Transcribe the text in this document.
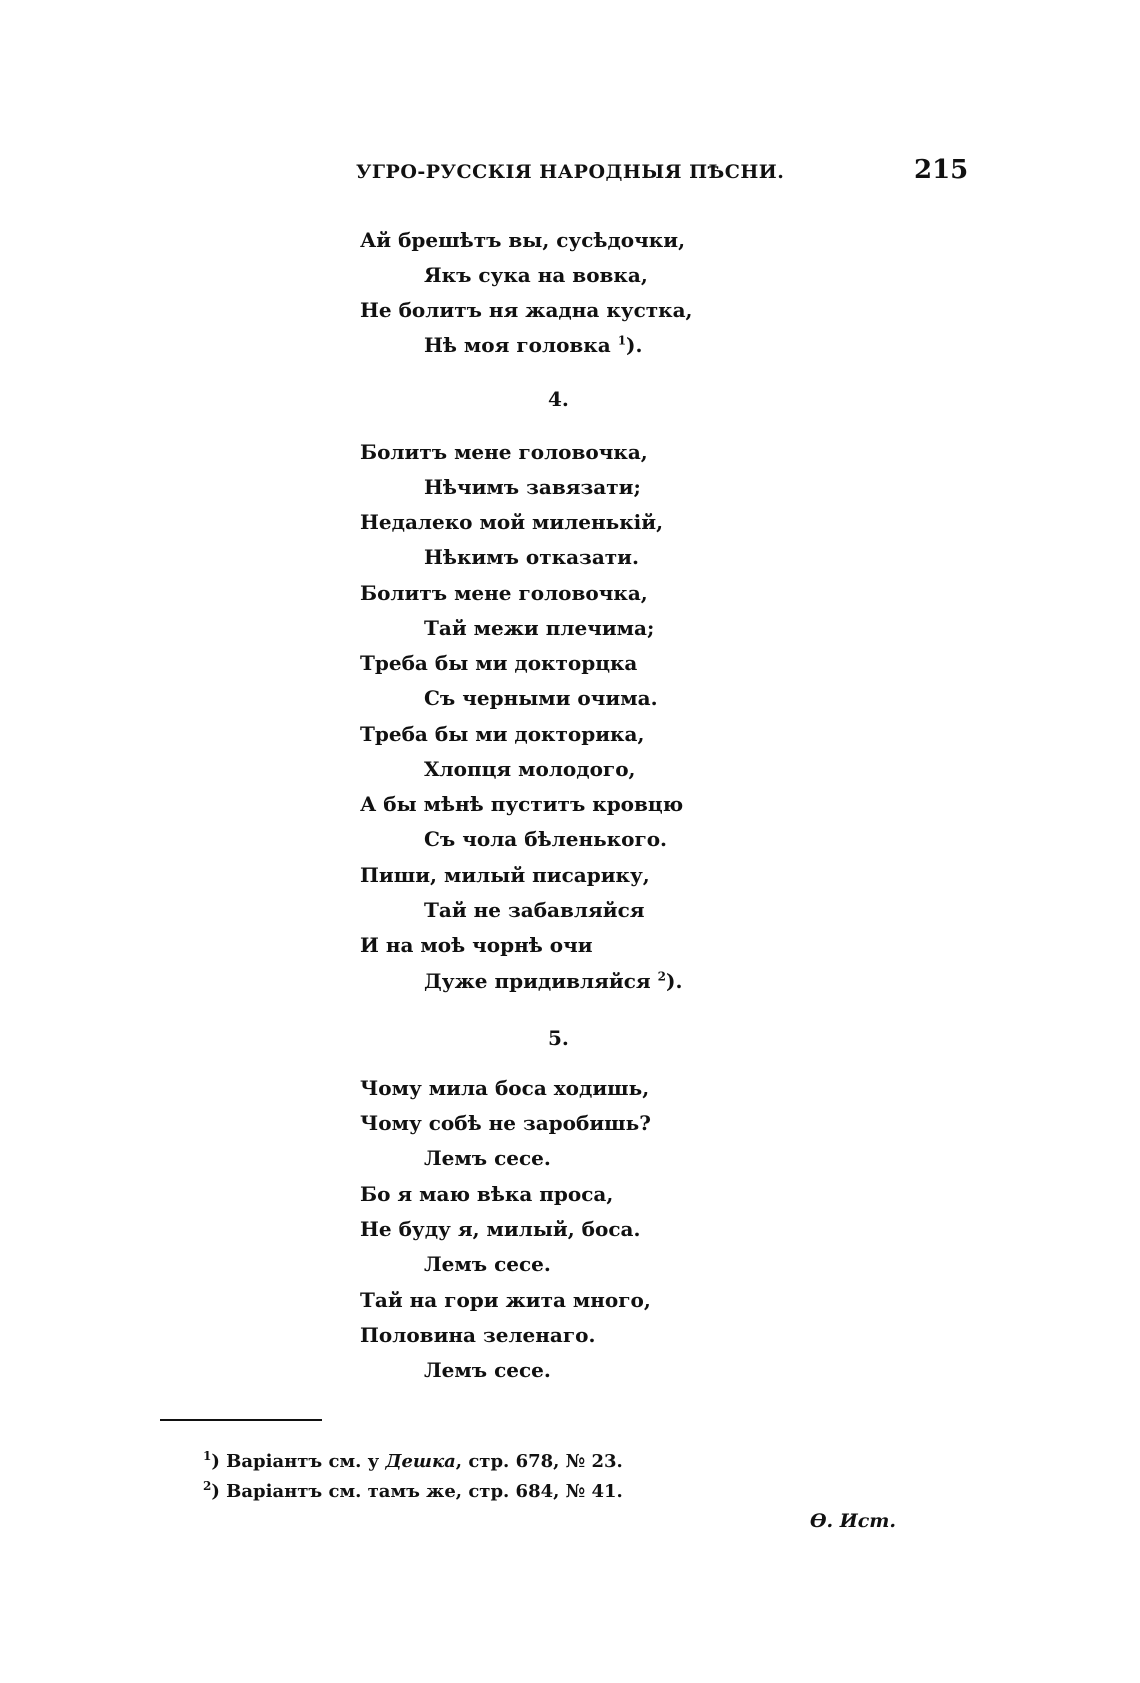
УГРО-РУССКІЯ НАРОДНЫЯ ПѢСНИ.	215
Ай брешѣтъ вы, сусѣдочки,
Якъ сука на вовка,
Не болитъ ня жадна кустка,
Нѣ моя головка $^1$).
4.
Болитъ мене головочка,
Нѣчимъ завязати;
Недалеко мой миленькій,
Нѣкимъ отказати.
Болитъ мене головочка,
Тай межи плечима;
Треба бы ми докторцка
Съ черными очима.
Треба бы ми докторика,
Хлопця молодого,
А бы мѣнѣ пуститъ кровцю
Съ чола бѣленького.
Пиши, милый писарику,
Тай не забавляйся
И на моѣ чорнѣ очи
Дуже придивляйся $^2$).
5.
Чому мила боса ходишь,
Чому собѣ не заробишь?
Лемъ сесе.
Бо я маю вѣка проса,
Не буду я, милый, боса.
Лемъ сесе.
Тай на гори жита много,
Половина зеленаго.
Лемъ сесе.
$^1$) Варіантъ см. у Дешка, стр. 678, № 23.
$^2$) Варіантъ см. тамъ же, стр. 684, № 41.
Ѳ. Ист.
